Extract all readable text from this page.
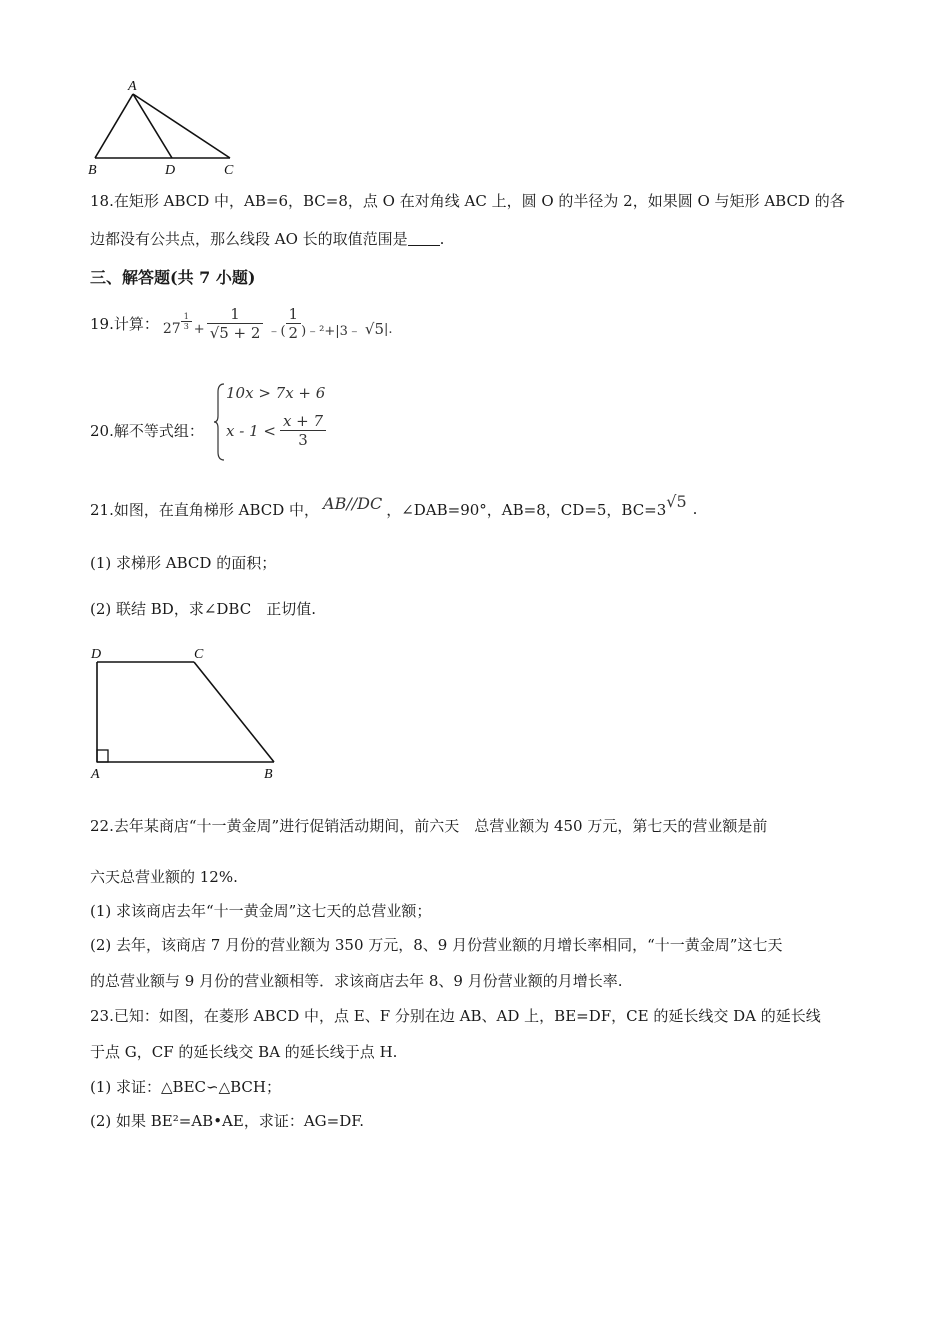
A
B	D	C
18.在矩形 ABCD 中，AB=6，BC=8，点 O 在对角线 AC 上，圆 O 的半径为 2，如果圆 O 与矩形 ABCD 的各
边都没有公共点，那么线段 AO 长的取值范围是 .
三、解答题(共 7 小题)
19.计算： $27 \frac{1}{3} + \frac{1}{√5 + 2}$ ﹣( $\frac{1}{2}$ )﹣²+|3﹣ √5 |.
20.解不等式组：
10x > 7x + 6
$x - 1 < \frac{x + 7}{3}$
21.如图，在直角梯形 ABCD 中， AB//DC ，∠DAB=90°，AB=8，CD=5，BC=3 √5 .
(1) 求梯形 ABCD 的面积；
(2) 联结 BD，求∠DBC　正切值.
D	C
A	B
22.去年某商店“十一黄金周”进行促销活动期间，前六天　总营业额为 450 万元，第七天的营业额是前
六天总营业额的 12%.
(1) 求该商店去年“十一黄金周”这七天的总营业额；
(2) 去年，该商店 7 月份的营业额为 350 万元，8、9 月份营业额的月增长率相同，“十一黄金周”这七天
的总营业额与 9 月份的营业额相等．求该商店去年 8、9 月份营业额的月增长率.
23.已知：如图，在菱形 ABCD 中，点 E、F 分别在边 AB、AD 上，BE=DF，CE 的延长线交 DA 的延长线
于点 G，CF 的延长线交 BA 的延长线于点 H.
(1) 求证：△BEC∽△BCH；
(2) 如果 BE²=AB•AE，求证：AG=DF.
